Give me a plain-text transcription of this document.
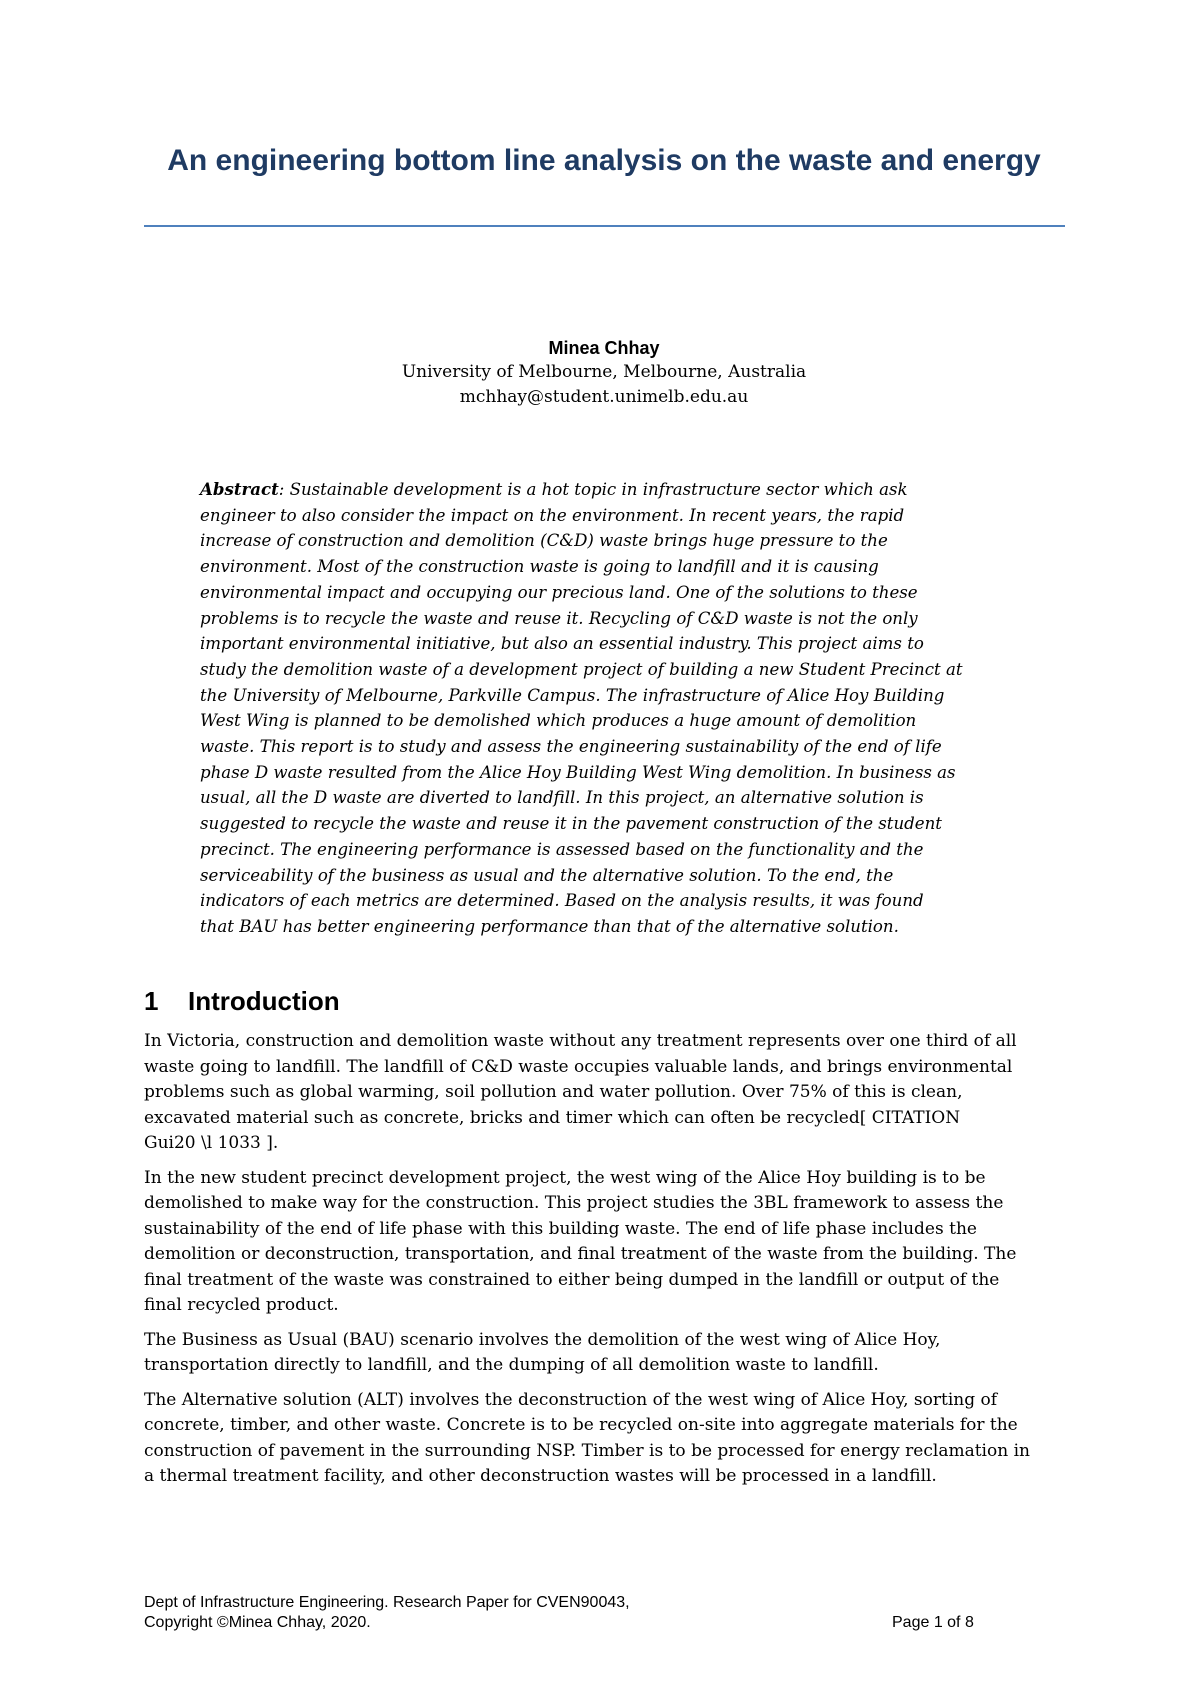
An engineering bottom line analysis on the waste and energy
Minea Chhay
University of Melbourne, Melbourne, Australia
mchhay@student.unimelb.edu.au
Abstract: Sustainable development is a hot topic in infrastructure sector which ask
engineer to also consider the impact on the environment. In recent years, the rapid
increase of construction and demolition (C&D) waste brings huge pressure to the
environment. Most of the construction waste is going to landfill and it is causing
environmental impact and occupying our precious land. One of the solutions to these
problems is to recycle the waste and reuse it. Recycling of C&D waste is not the only
important environmental initiative, but also an essential industry. This project aims to
study the demolition waste of a development project of building a new Student Precinct at
the University of Melbourne, Parkville Campus. The infrastructure of Alice Hoy Building
West Wing is planned to be demolished which produces a huge amount of demolition
waste. This report is to study and assess the engineering sustainability of the end of life
phase D waste resulted from the Alice Hoy Building West Wing demolition. In business as
usual, all the D waste are diverted to landfill. In this project, an alternative solution is
suggested to recycle the waste and reuse it in the pavement construction of the student
precinct. The engineering performance is assessed based on the functionality and the
serviceability of the business as usual and the alternative solution. To the end, the
indicators of each metrics are determined. Based on the analysis results, it was found
that BAU has better engineering performance than that of the alternative solution.
1 Introduction

In Victoria, construction and demolition waste without any treatment represents over one third of all
waste going to landfill. The landfill of C&D waste occupies valuable lands, and brings environmental
problems such as global warming, soil pollution and water pollution. Over 75% of this is clean,
excavated material such as concrete, bricks and timer which can often be recycled[ CITATION
Gui20 \l 1033 ].

In the new student precinct development project, the west wing of the Alice Hoy building is to be
demolished to make way for the construction. This project studies the 3BL framework to assess the
sustainability of the end of life phase with this building waste. The end of life phase includes the
demolition or deconstruction, transportation, and final treatment of the waste from the building. The
final treatment of the waste was constrained to either being dumped in the landfill or output of the
final recycled product.

The Business as Usual (BAU) scenario involves the demolition of the west wing of Alice Hoy,
transportation directly to landfill, and the dumping of all demolition waste to landfill.

The Alternative solution (ALT) involves the deconstruction of the west wing of Alice Hoy, sorting of
concrete, timber, and other waste. Concrete is to be recycled on-site into aggregate materials for the
construction of pavement in the surrounding NSP. Timber is to be processed for energy reclamation in
a thermal treatment facility, and other deconstruction wastes will be processed in a landfill.

Dept of Infrastructure Engineering. Research Paper for CVEN90043,
Copyright ©Minea Chhay, 2020.	Page 1 of 8
